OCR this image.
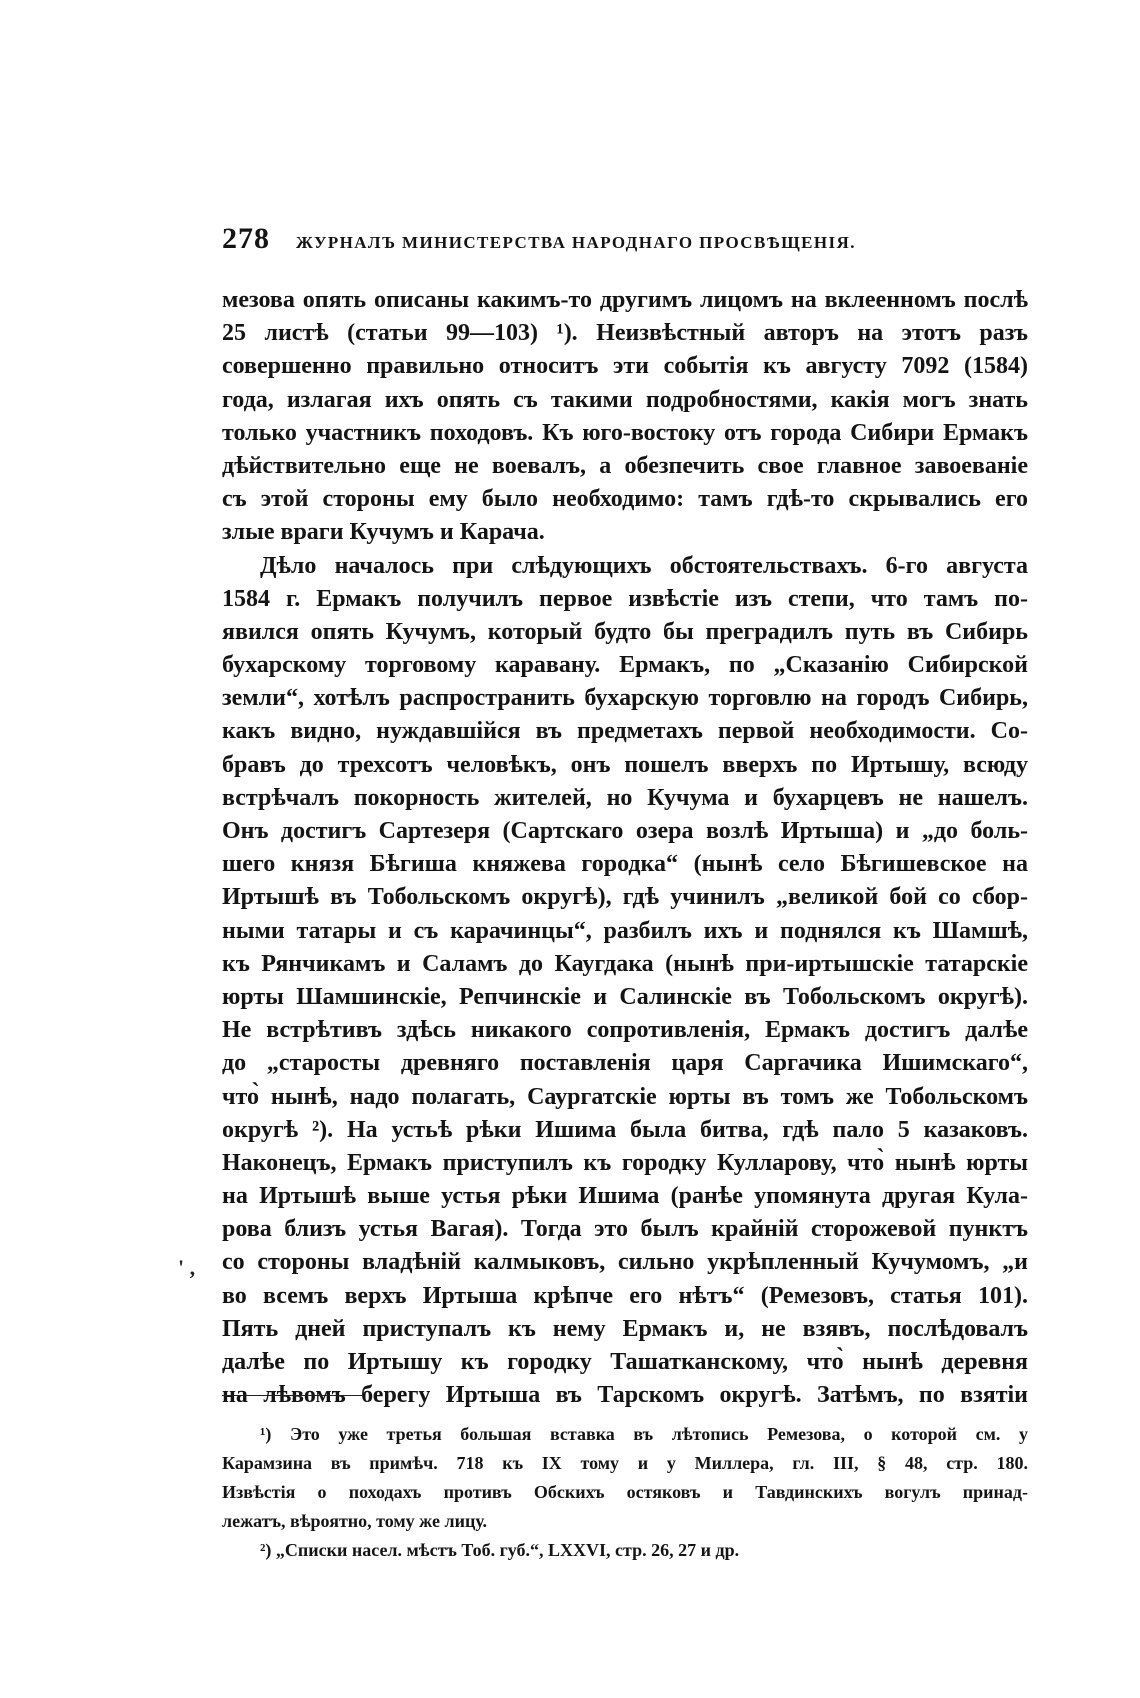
278 ЖУРНАЛЪ МИНИСТЕРСТВА НАРОДНАГО ПРОСВѢЩЕНІЯ.
мезова опять описаны какимъ-то другимъ лицомъ на вклеенномъ послѣ
25 листѣ (статьи 99—103) ¹). Неизвѣстный авторъ на этотъ разъ
совершенно правильно относитъ эти событія къ августу 7092 (1584)
года, излагая ихъ опять съ такими подробностями, какія могъ знать
только участникъ походовъ. Къ юго-востоку отъ города Сибири Ермакъ
дѣйствительно еще не воевалъ, а обезпечить свое главное завоеваніе
съ этой стороны ему было необходимо: тамъ гдѣ-то скрывались его
злые враги Кучумъ и Карача.
Дѣло началось при слѣдующихъ обстоятельствахъ. 6-го августа
1584 г. Ермакъ получилъ первое извѣстіе изъ степи, что тамъ по-
явился опять Кучумъ, который будто бы преградилъ путь въ Сибирь
бухарскому торговому каравану. Ермакъ, по „Сказанію Сибирской
земли“, хотѣлъ распространить бухарскую торговлю на городъ Сибирь,
какъ видно, нуждавшійся въ предметахъ первой необходимости. Со-
бравъ до трехсотъ человѣкъ, онъ пошелъ вверхъ по Иртышу, всюду
встрѣчалъ покорность жителей, но Кучума и бухарцевъ не нашелъ.
Онъ достигъ Сартезеря (Сартскаго озера возлѣ Иртыша) и „до боль-
шего князя Бѣгиша княжева городка“ (нынѣ село Бѣгишевское на
Иртышѣ въ Тобольскомъ округѣ), гдѣ учинилъ „великой бой со сбор-
ными татары и съ карачинцы“, разбилъ ихъ и поднялся къ Шамшѣ,
къ Рянчикамъ и Саламъ до Каугдака (нынѣ при-иртышскіе татарскіе
юрты Шамшинскіе, Репчинскіе и Салинскіе въ Тобольскомъ округѣ).
Не встрѣтивъ здѣсь никакого сопротивленія, Ермакъ достигъ далѣе
до „старосты древняго поставленія царя Саргачика Ишимскаго“,
что̀ нынѣ, надо полагать, Саургатскіе юрты въ томъ же Тобольскомъ
округѣ ²). На устьѣ рѣки Ишима была битва, гдѣ пало 5 казаковъ.
Наконецъ, Ермакъ приступилъ къ городку Кулларову, что̀ нынѣ юрты
на Иртышѣ выше устья рѣки Ишима (ранѣе упомянута другая Кула-
рова близъ устья Вагая). Тогда это былъ крайній сторожевой пунктъ
со стороны владѣній калмыковъ, сильно укрѣпленный Кучумомъ, „и
во всемъ верхъ Иртыша крѣпче его нѣтъ“ (Ремезовъ, статья 101).
Пять дней приступалъ къ нему Ермакъ и, не взявъ, послѣдовалъ
далѣе по Иртышу къ городку Ташатканскому, что̀ нынѣ деревня
на лѣвомъ берегу Иртыша въ Тарскомъ округѣ. Затѣмъ, по взятіи
' ,
¹) Это уже третья большая вставка въ лѣтопись Ремезова, о которой см. у
Карамзина въ примѣч. 718 къ IX тому и у Миллера, гл. III, § 48, стр. 180.
Извѣстія о походахъ противъ Обскихъ остяковъ и Тавдинскихъ вогулъ принад-
лежатъ, вѣроятно, тому же лицу.
²) „Списки насел. мѣстъ Тоб. губ.“, LXXVI, стр. 26, 27 и др.
